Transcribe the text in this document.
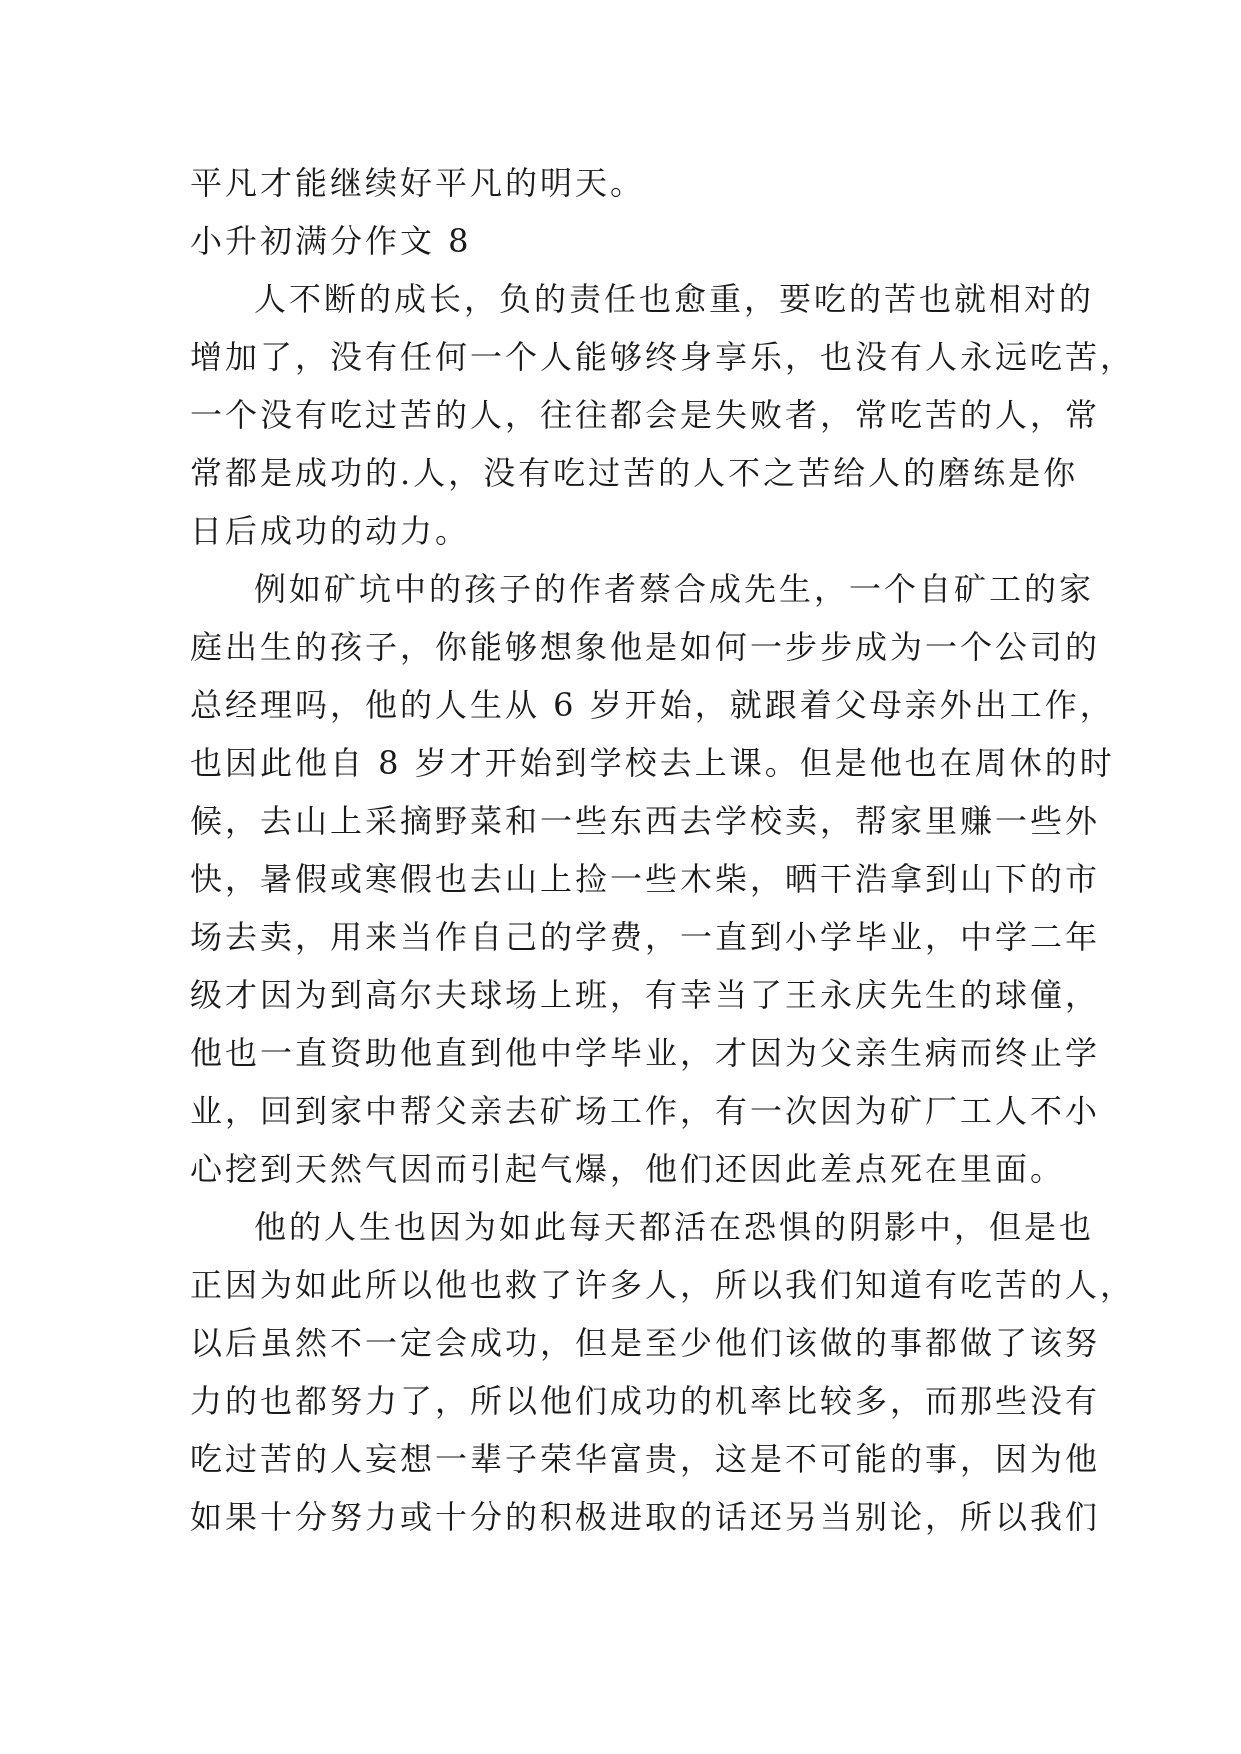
平凡才能继续好平凡的明天。
小升初满分作文 8
人不断的成长，负的责任也愈重，要吃的苦也就相对的
增加了，没有任何一个人能够终身享乐，也没有人永远吃苦，
一个没有吃过苦的人，往往都会是失败者，常吃苦的人，常
常都是成功的.人，没有吃过苦的人不之苦给人的磨练是你
日后成功的动力。
例如矿坑中的孩子的作者蔡合成先生，一个自矿工的家
庭出生的孩子，你能够想象他是如何一步步成为一个公司的
总经理吗，他的人生从 6 岁开始，就跟着父母亲外出工作，
也因此他自 8 岁才开始到学校去上课。但是他也在周休的时
候，去山上采摘野菜和一些东西去学校卖，帮家里赚一些外
快，暑假或寒假也去山上捡一些木柴，晒干浩拿到山下的市
场去卖，用来当作自己的学费，一直到小学毕业，中学二年
级才因为到高尔夫球场上班，有幸当了王永庆先生的球僮，
他也一直资助他直到他中学毕业，才因为父亲生病而终止学
业，回到家中帮父亲去矿场工作，有一次因为矿厂工人不小
心挖到天然气因而引起气爆，他们还因此差点死在里面。
他的人生也因为如此每天都活在恐惧的阴影中，但是也
正因为如此所以他也救了许多人，所以我们知道有吃苦的人，
以后虽然不一定会成功，但是至少他们该做的事都做了该努
力的也都努力了，所以他们成功的机率比较多，而那些没有
吃过苦的人妄想一辈子荣华富贵，这是不可能的事，因为他
如果十分努力或十分的积极进取的话还另当别论，所以我们
